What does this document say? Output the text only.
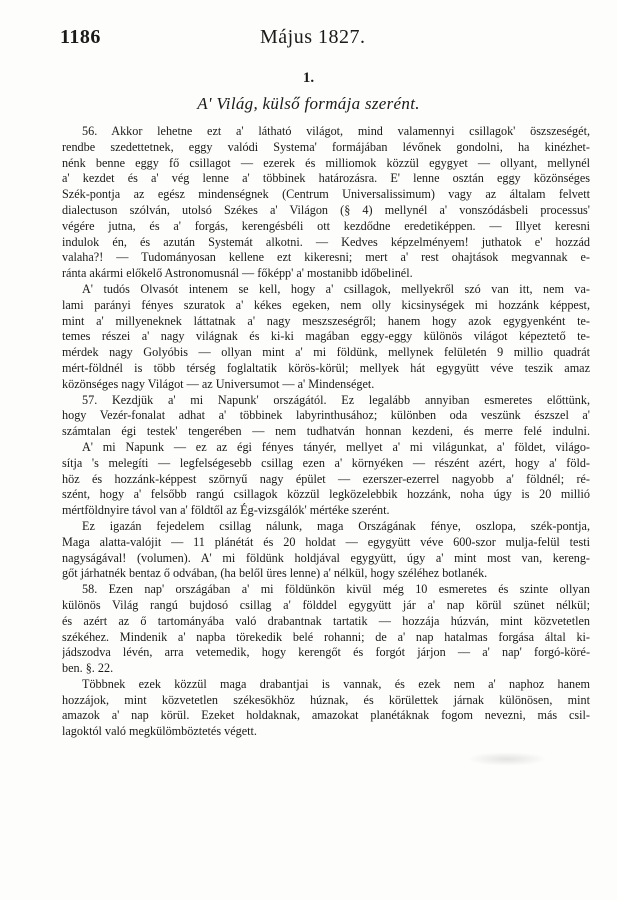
1186	Május 1827.
1.
A' Világ, külső formája szerént.
56. Akkor lehetne ezt a' látható világot, mind valamennyi csillagok' öszszeségét,
rendbe szedettetnek, eggy valódi Systema' formájában lévőnek gondolni, ha kinézhet-
nénk benne eggy fő csillagot — ezerek és milliomok közzül egygyet — ollyant, mellynél
a' kezdet és a' vég lenne a' többinek határozásra. E' lenne osztán eggy közönséges
Szék-pontja az egész mindenségnek (Centrum Universalissimum) vagy az általam felvett
dialectuson szólván, utolsó Székes a' Világon (§ 4) mellynél a' vonszódásbeli processus'
végére jutna, és a' forgás, kerengésbéli ott kezdődne eredetiképpen. — Illyet keresni
indulok én, és azután Systemát alkotni. — Kedves képzelményem! juthatok e' hozzád
valaha?! — Tudományosan kellene ezt kikeresni; mert a' rest ohajtások megvannak e-
ránta akármi előkelő Astronomusnál — főképp' a' mostanibb időbelinél.
A' tudós Olvasót intenem se kell, hogy a' csillagok, mellyekről szó van itt, nem va-
lami parányi fényes szuratok a' kékes egeken, nem olly kicsinységek mi hozzánk képpest,
mint a' millyeneknek láttatnak a' nagy meszszeségről; hanem hogy azok egygyenként te-
temes részei a' nagy világnak és ki-ki magában eggy-eggy különös világot képeztető te-
mérdek nagy Golyóbis — ollyan mint a' mi földünk, mellynek felületén 9 millio quadrát
mért-földnél is több térség foglaltatik körös-körül; mellyek hát egygyütt véve teszik amaz
közönséges nagy Világot — az Universumot — a' Mindenséget.
57. Kezdjük a' mi Napunk' országától. Ez legalább annyiban esmeretes előttünk,
hogy Vezér-fonalat adhat a' többinek labyrinthusához; különben oda veszünk észszel a'
számtalan égi testek' tengerében — nem tudhatván honnan kezdeni, és merre felé indulni.
A' mi Napunk — ez az égi fényes tányér, mellyet a' mi világunkat, a' földet, világo-
sítja 's melegíti — legfelségesebb csillag ezen a' környéken — részént azért, hogy a' föld-
höz és hozzánk-képpest szörnyű nagy épület — ezerszer-ezerrel nagyobb a' földnél; ré-
szént, hogy a' felsőbb rangú csillagok közzül legközelebbik hozzánk, noha úgy is 20 millió
mértföldnyire távol van a' földtől az Ég-vizsgálók' mértéke szerént.
Ez igazán fejedelem csillag nálunk, maga Országának fénye, oszlopa, szék-pontja,
Maga alatta-valójit — 11 plánétát és 20 holdat — egygyütt véve 600-szor mulja-felül testi
nagyságával! (volumen). A' mi földünk holdjával egygyütt, úgy a' mint most van, kereng-
gőt járhatnék bentaz ő odvában, (ha belől üres lenne) a' nélkül, hogy széléhez botlanék.
58. Ezen nap' országában a' mi földünkön kivül még 10 esmeretes és szinte ollyan
különös Világ rangú bujdosó csillag a' földdel egygyütt jár a' nap körül szünet nélkül;
és azért az ő tartományába való drabantnak tartatik — hozzája húzván, mint közvetetlen
székéhez. Mindenik a' napba törekedik belé rohanni; de a' nap hatalmas forgása által ki-
jádszodva lévén, arra vetemedik, hogy kerengőt és forgót járjon — a' nap' forgó-köré-
ben. §. 22.
Többnek ezek közzül maga drabantjai is vannak, és ezek nem a' naphoz hanem
hozzájok, mint közvetetlen székesökhöz húznak, és körülettek járnak különösen, mint
amazok a' nap körül. Ezeket holdaknak, amazokat planétáknak fogom nevezni, más csil-
lagoktól való megkülömböztetés végett.
